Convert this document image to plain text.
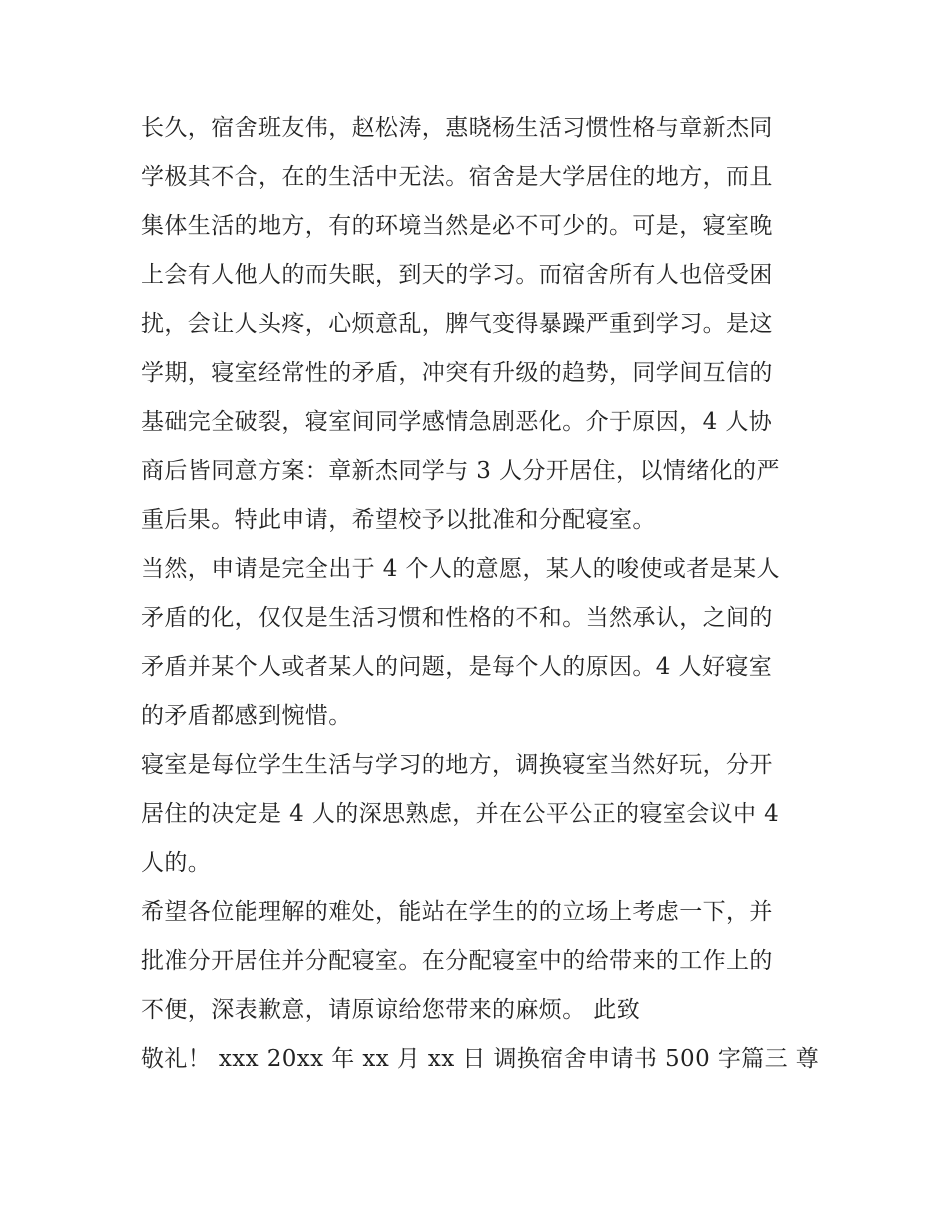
长久，宿舍班友伟，赵松涛，惠晓杨生活习惯性格与章新杰同
学极其不合，在的生活中无法。宿舍是大学居住的地方，而且
集体生活的地方，有的环境当然是必不可少的。可是，寝室晚
上会有人他人的而失眠，到天的学习。而宿舍所有人也倍受困
扰，会让人头疼，心烦意乱，脾气变得暴躁严重到学习。是这
学期，寝室经常性的矛盾，冲突有升级的趋势，同学间互信的
基础完全破裂，寝室间同学感情急剧恶化。介于原因，4 人协
商后皆同意方案：章新杰同学与 3 人分开居住，以情绪化的严
重后果。特此申请，希望校予以批准和分配寝室。
当然，申请是完全出于 4 个人的意愿，某人的唆使或者是某人
矛盾的化，仅仅是生活习惯和性格的不和。当然承认，之间的
矛盾并某个人或者某人的问题，是每个人的原因。4 人好寝室
的矛盾都感到惋惜。
寝室是每位学生生活与学习的地方，调换寝室当然好玩，分开
居住的决定是 4 人的深思熟虑，并在公平公正的寝室会议中 4
人的。
希望各位能理解的难处，能站在学生的的立场上考虑一下，并
批准分开居住并分配寝室。在分配寝室中的给带来的工作上的
不便，深表歉意，请原谅给您带来的麻烦。 此致
敬礼！ xxx 20xx 年 xx 月 xx 日 调换宿舍申请书 500 字篇三 尊
